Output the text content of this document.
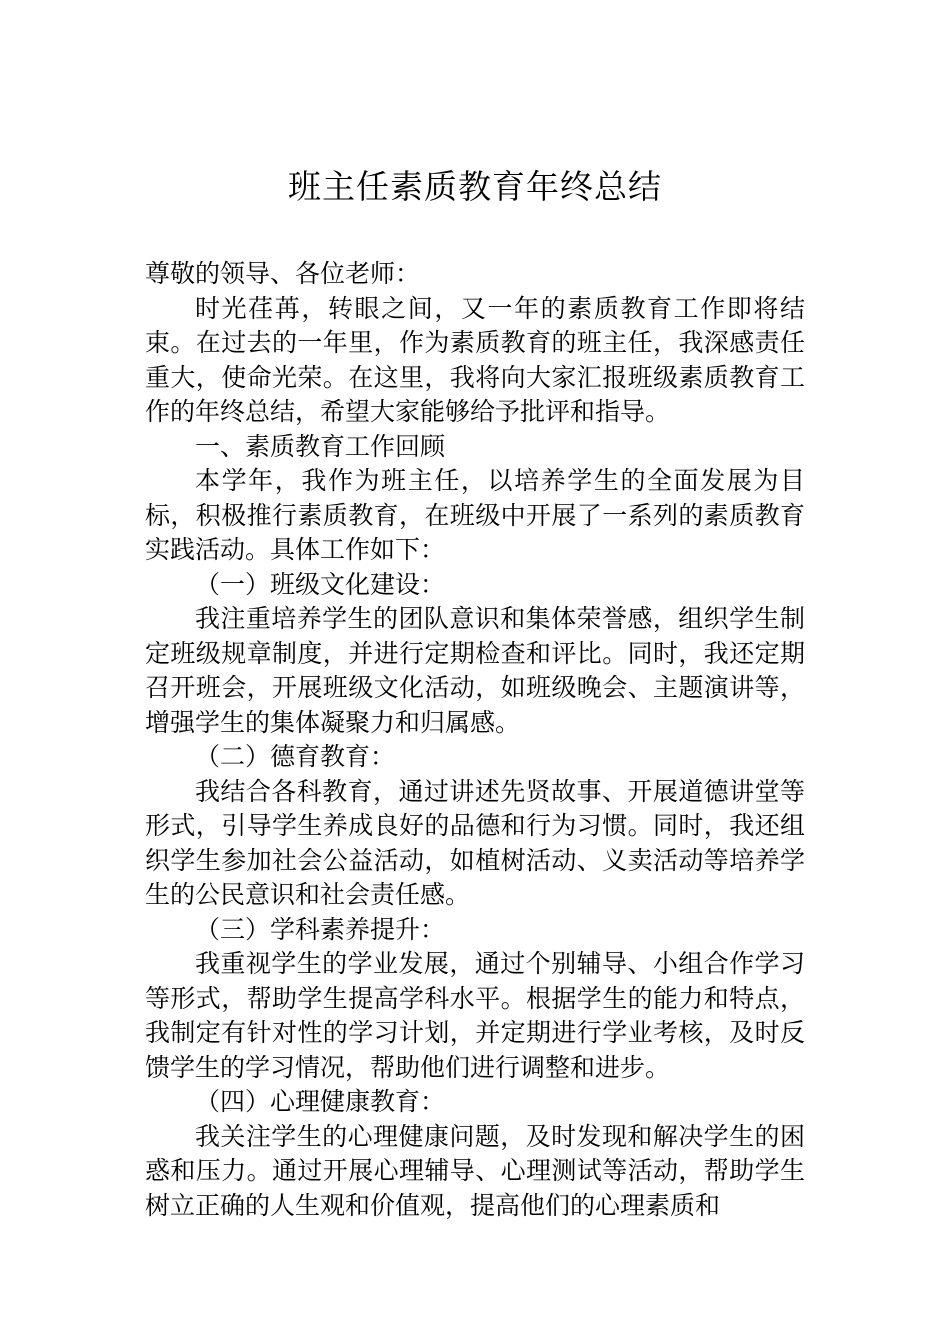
班主任素质教育年终总结

尊敬的领导、各位老师：

时光荏苒，转眼之间，又一年的素质教育工作即将结束。在过去的一年里，作为素质教育的班主任，我深感责任重大，使命光荣。在这里，我将向大家汇报班级素质教育工作的年终总结，希望大家能够给予批评和指导。

一、素质教育工作回顾

本学年，我作为班主任，以培养学生的全面发展为目标，积极推行素质教育，在班级中开展了一系列的素质教育实践活动。具体工作如下：

（一）班级文化建设：

我注重培养学生的团队意识和集体荣誉感，组织学生制定班级规章制度，并进行定期检查和评比。同时，我还定期召开班会，开展班级文化活动，如班级晚会、主题演讲等，增强学生的集体凝聚力和归属感。

（二）德育教育：

我结合各科教育，通过讲述先贤故事、开展道德讲堂等形式，引导学生养成良好的品德和行为习惯。同时，我还组织学生参加社会公益活动，如植树活动、义卖活动等培养学生的公民意识和社会责任感。

（三）学科素养提升：

我重视学生的学业发展，通过个别辅导、小组合作学习等形式，帮助学生提高学科水平。根据学生的能力和特点，我制定有针对性的学习计划，并定期进行学业考核，及时反馈学生的学习情况，帮助他们进行调整和进步。

（四）心理健康教育：

我关注学生的心理健康问题，及时发现和解决学生的困惑和压力。通过开展心理辅导、心理测试等活动，帮助学生树立正确的人生观和价值观，提高他们的心理素质和
